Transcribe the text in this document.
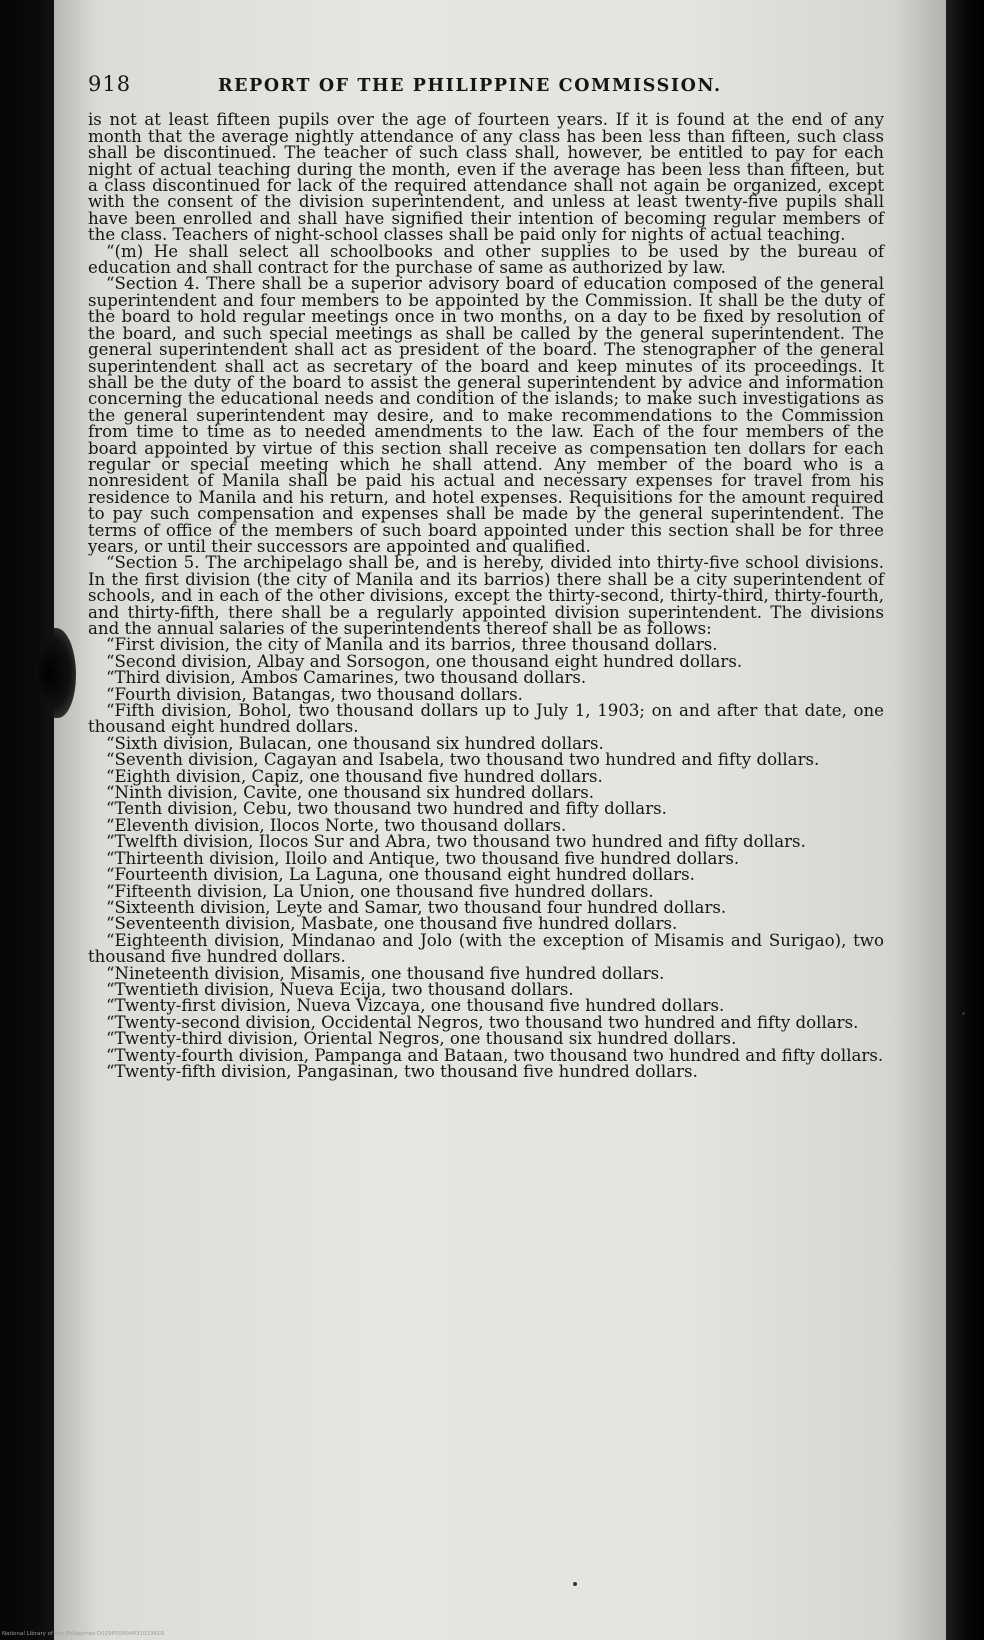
918	REPORT OF THE PHILIPPINE COMMISSION.

is not at least fifteen pupils over the age of fourteen years. If it is found at the end of any month that the average nightly attendance of any class has been less than fifteen, such class shall be discontinued. The teacher of such class shall, however, be entitled to pay for each night of actual teaching during the month, even if the average has been less than fifteen, but a class discontinued for lack of the required attendance shall not again be organized, except with the consent of the division superintendent, and unless at least twenty-five pupils shall have been enrolled and shall have signified their intention of becoming regular members of the class. Teachers of night-school classes shall be paid only for nights of actual teaching.

“(m) He shall select all schoolbooks and other supplies to be used by the bureau of education and shall contract for the purchase of same as authorized by law.

“Section 4. There shall be a superior advisory board of education composed of the general superintendent and four members to be appointed by the Commission. It shall be the duty of the board to hold regular meetings once in two months, on a day to be fixed by resolution of the board, and such special meetings as shall be called by the general superintendent. The general superintendent shall act as president of the board. The stenographer of the general superintendent shall act as secretary of the board and keep minutes of its proceedings. It shall be the duty of the board to assist the general superintendent by advice and information concerning the educational needs and condition of the islands; to make such investigations as the general superintendent may desire, and to make recommendations to the Commission from time to time as to needed amendments to the law. Each of the four members of the board appointed by virtue of this section shall receive as compensation ten dollars for each regular or special meeting which he shall attend. Any member of the board who is a nonresident of Manila shall be paid his actual and necessary expenses for travel from his residence to Manila and his return, and hotel expenses. Requisitions for the amount required to pay such compensation and expenses shall be made by the general superintendent. The terms of office of the members of such board appointed under this section shall be for three years, or until their successors are appointed and qualified.

“Section 5. The archipelago shall be, and is hereby, divided into thirty-five school divisions. In the first division (the city of Manila and its barrios) there shall be a city superintendent of schools, and in each of the other divisions, except the thirty-second, thirty-third, thirty-fourth, and thirty-fifth, there shall be a regularly appointed division superintendent. The divisions and the annual salaries of the superintendents thereof shall be as follows:

“First division, the city of Manila and its barrios, three thousand dollars.

“Second division, Albay and Sorsogon, one thousand eight hundred dollars.

“Third division, Ambos Camarines, two thousand dollars.

“Fourth division, Batangas, two thousand dollars.

“Fifth division, Bohol, two thousand dollars up to July 1, 1903; on and after that date, one thousand eight hundred dollars.

“Sixth division, Bulacan, one thousand six hundred dollars.

“Seventh division, Cagayan and Isabela, two thousand two hundred and fifty dollars.

“Eighth division, Capiz, one thousand five hundred dollars.

“Ninth division, Cavite, one thousand six hundred dollars.

“Tenth division, Cebu, two thousand two hundred and fifty dollars.

“Eleventh division, Ilocos Norte, two thousand dollars.

“Twelfth division, Ilocos Sur and Abra, two thousand two hundred and fifty dollars.

“Thirteenth division, Iloilo and Antique, two thousand five hundred dollars.

“Fourteenth division, La Laguna, one thousand eight hundred dollars.

“Fifteenth division, La Union, one thousand five hundred dollars.

“Sixteenth division, Leyte and Samar, two thousand four hundred dollars.

“Seventeenth division, Masbate, one thousand five hundred dollars.

“Eighteenth division, Mindanao and Jolo (with the exception of Misamis and Surigao), two thousand five hundred dollars.

“Nineteenth division, Misamis, one thousand five hundred dollars.

“Twentieth division, Nueva Ecija, two thousand dollars.

“Twenty-first division, Nueva Vizcaya, one thousand five hundred dollars.

“Twenty-second division, Occidental Negros, two thousand two hundred and fifty dollars.

“Twenty-third division, Oriental Negros, one thousand six hundred dollars.

“Twenty-fourth division, Pampanga and Bataan, two thousand two hundred and fifty dollars.

“Twenty-fifth division, Pangasinan, two thousand five hundred dollars.

National Library of the Philippines D029P0000483102361R
